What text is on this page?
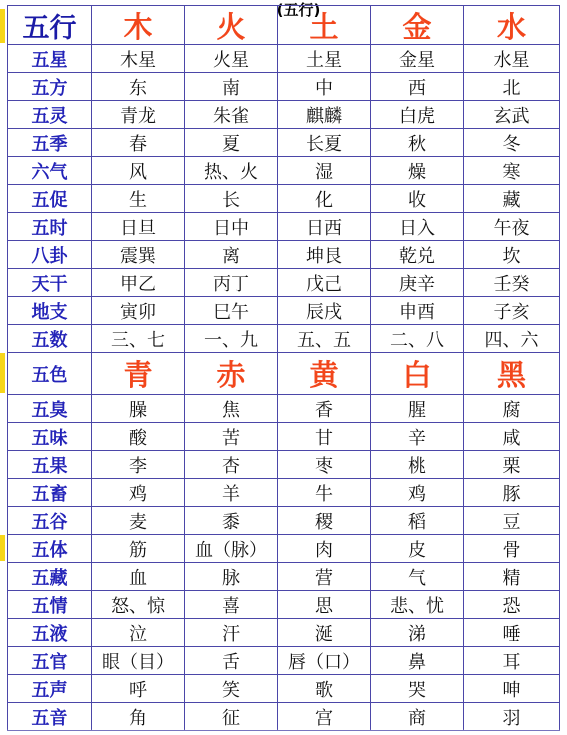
(五行)
五行	木	火	土	金	水
五星	木星	火星	土星	金星	水星
五方	东	南	中	西	北
五灵	青龙	朱雀	麒麟	白虎	玄武
五季	春	夏	长夏	秋	冬
六气	风	热、火	湿	燥	寒
五促	生	长	化	收	藏
五时	日旦	日中	日西	日入	午夜
八卦	震巽	离	坤艮	乾兑	坎
天干	甲乙	丙丁	戊己	庚辛	壬癸
地支	寅卯	巳午	辰戌	申酉	子亥
五数	三、七	一、九	五、五	二、八	四、六
五色	青	赤	黄	白	黑
五臭	臊	焦	香	腥	腐
五味	酸	苦	甘	辛	咸
五果	李	杏	枣	桃	栗
五畜	鸡	羊	牛	鸡	豚
五谷	麦	黍	稷	稻	豆
五体	筋	血（脉）	肉	皮	骨
五藏	血	脉	营	气	精
五情	怒、惊	喜	思	悲、忧	恐
五液	泣	汗	涎	涕	唾
五官	眼（目）	舌	唇（口）	鼻	耳
五声	呼	笑	歌	哭	呻
五音	角	征	宫	商	羽
